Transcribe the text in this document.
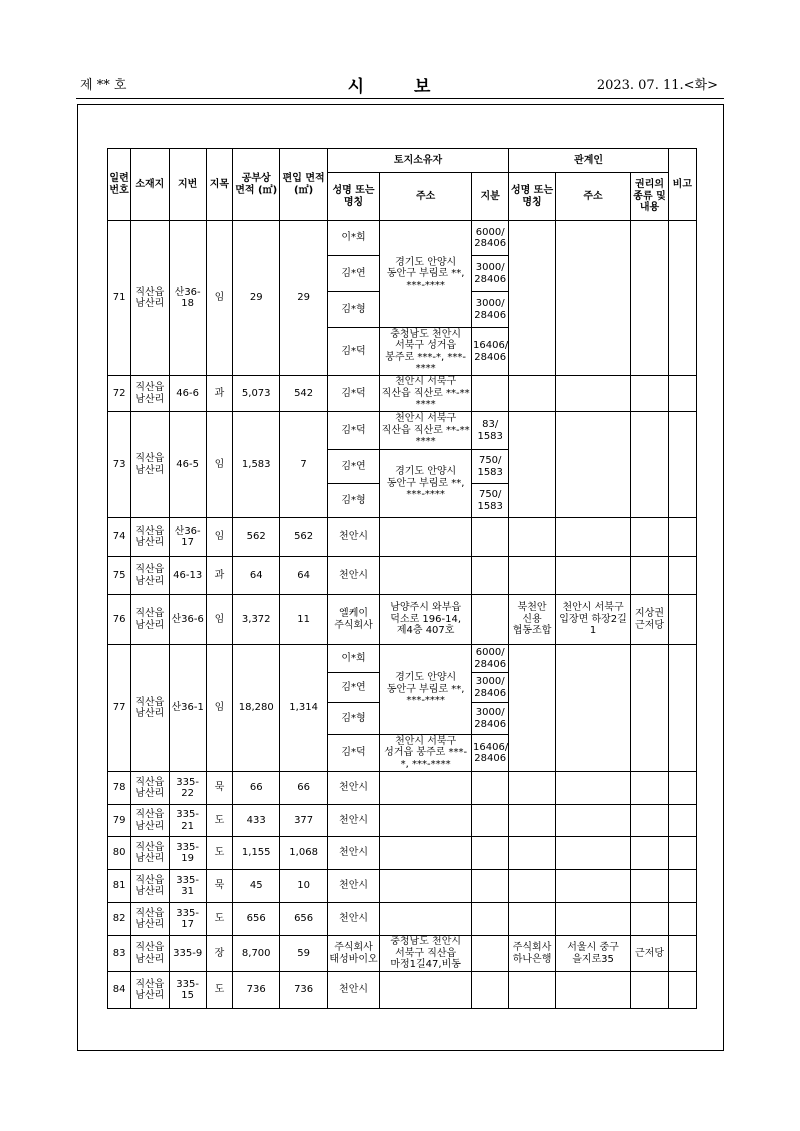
제 ** 호	시 보	2023. 07. 11.<화>
일련 번호	소재지	지번	지목	공부상 면적 (㎡)	편입 면적 (㎡)	토지소유자			관계인			비고
						성명 또는 명칭	주소	지분	성명 또는 명칭	주소	권리의 종류 및 내용	
71	직산읍 남산리	산36-18	임	29	29	이*희	경기도 안양시 동안구 부림로 **, ***-****	6000/ 28406				
						김*연		3000/ 28406				
						김*형		3000/ 28406				
						김*덕	충청남도 천안시 서북구 성거읍 봉주로 ***-*, ***-****	16406/ 28406				
72	직산읍 남산리	46-6	과	5,073	542	김*덕	천안시 서북구 직산읍 직산로 **-** ****					
73	직산읍 남산리	46-5	임	1,583	7	김*덕	천안시 서북구 직산읍 직산로 **-** ****	83/ 1583				
						김*연	경기도 안양시 동안구 부림로 **, ***-****	750/ 1583				
						김*형		750/ 1583				
74	직산읍 남산리	산36-17	임	562	562	천안시						
75	직산읍 남산리	46-13	과	64	64	천안시						
76	직산읍 남산리	산36-6	임	3,372	11	엘케이 주식회사	남양주시 와부읍 덕소로 196-14, 제4층 407호		북천안 신용 협동조합	천안시 서북구 입장면 하장2길 1	지상권 근저당	
77	직산읍 남산리	산36-1	임	18,280	1,314	이*희	경기도 안양시 동안구 부림로 **, ***-****	6000/ 28406				
						김*연		3000/ 28406				
						김*형		3000/ 28406				
						김*덕	천안시 서북구 성거읍 봉주로 ***-*, ***-****	16406/ 28406				
78	직산읍 남산리	335-22	묵	66	66	천안시						
79	직산읍 남산리	335-21	도	433	377	천안시						
80	직산읍 남산리	335-19	도	1,155	1,068	천안시						
81	직산읍 남산리	335-31	묵	45	10	천안시						
82	직산읍 남산리	335-17	도	656	656	천안시						
83	직산읍 남산리	335-9	장	8,700	59	주식회사 태성바이오	충청남도 천안시 서북구 직산읍 마정1길47,비동		주식회사 하나은행	서울시 중구 을지로35	근저당	
84	직산읍 남산리	335-15	도	736	736	천안시						
